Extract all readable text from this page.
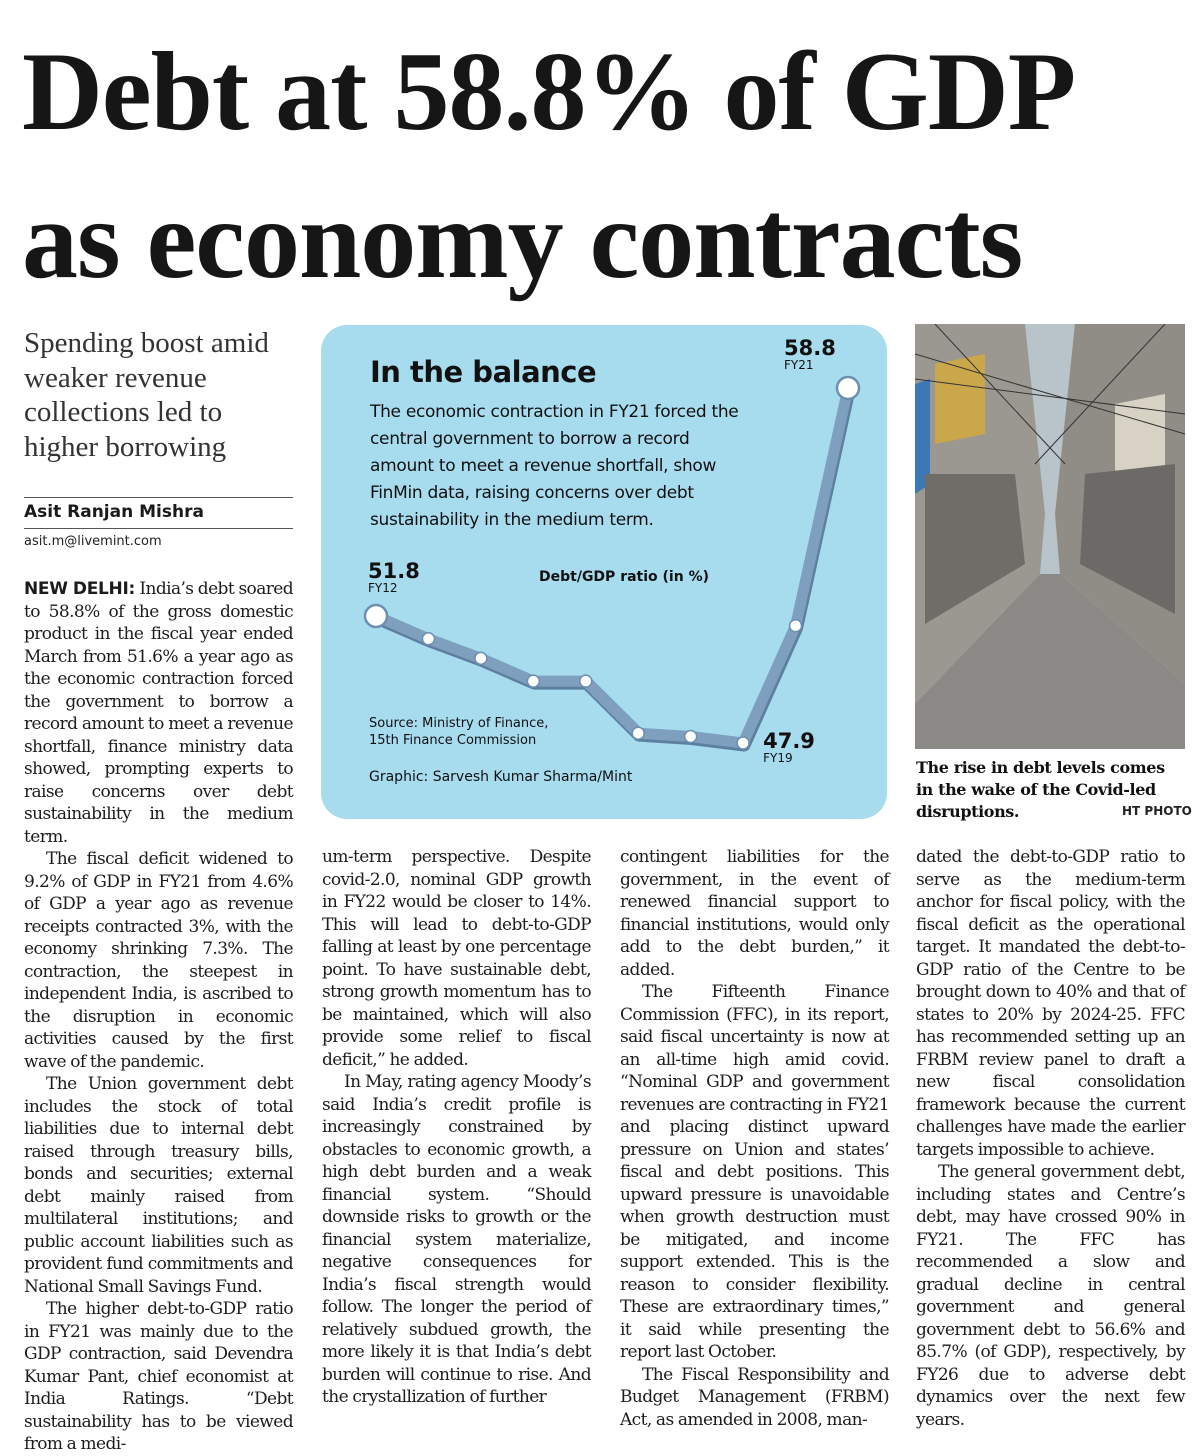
Debt at 58.8% of GDP
as economy contracts
Spending boost amid weaker revenue collections led to higher borrowing
Asit Ranjan Mishra
asit.m@livemint.com

NEW DELHI: India’s debt soared to 58.8% of the gross domestic product in the fiscal year ended March from 51.6% a year ago as the economic contraction forced the government to borrow a record amount to meet a revenue shortfall, finance ministry data showed, prompting experts to raise concerns over debt sustainability in the medium term.

The fiscal deficit widened to 9.2% of GDP in FY21 from 4.6% of GDP a year ago as revenue receipts contracted 3%, with the economy shrinking 7.3%. The contraction, the steepest in independent India, is ascribed to the disruption in economic activities caused by the first wave of the pandemic.

The Union government debt includes the stock of total liabilities due to internal debt raised through treasury bills, bonds and securities; external debt mainly raised from multilateral institutions; and public account liabilities such as provident fund commitments and National Small Savings Fund.

The higher debt-to-GDP ratio in FY21 was mainly due to the GDP contraction, said Devendra Kumar Pant, chief economist at India Ratings. “Debt sustainability has to be viewed from a medi-

um-term perspective. Despite covid-2.0, nominal GDP growth in FY22 would be closer to 14%. This will lead to debt-to-GDP falling at least by one percentage point. To have sustainable debt, strong growth momentum has to be maintained, which will also provide some relief to fiscal deficit,” he added.

In May, rating agency Moody’s said India’s credit profile is increasingly constrained by obstacles to economic growth, a high debt burden and a weak financial system. “Should downside risks to growth or the financial system materialize, negative consequences for India’s fiscal strength would follow. The longer the period of relatively subdued growth, the more likely it is that India’s debt burden will continue to rise. And the crystallization of further

contingent liabilities for the government, in the event of renewed financial support to financial institutions, would only add to the debt burden,” it added.

The Fifteenth Finance Commission (FFC), in its report, said fiscal uncertainty is now at an all-time high amid covid. “Nominal GDP and government revenues are contracting in FY21 and placing distinct upward pressure on Union and states’ fiscal and debt positions. This upward pressure is unavoidable when growth destruction must be mitigated, and income support extended. This is the reason to consider flexibility. These are extraordinary times,” it said while presenting the report last October.

The Fiscal Responsibility and Budget Management (FRBM) Act, as amended in 2008, man-

dated the debt-to-GDP ratio to serve as the medium-term anchor for fiscal policy, with the fiscal deficit as the operational target. It mandated the debt-to-GDP ratio of the Centre to be brought down to 40% and that of states to 20% by 2024-25. FFC has recommended setting up an FRBM review panel to draft a new fiscal consolidation framework because the current challenges have made the earlier targets impossible to achieve.

The general government debt, including states and Centre’s debt, may have crossed 90% in FY21. The FFC has recommended a slow and gradual decline in central government and general government debt to 56.6% and 85.7% (of GDP), respectively, by FY26 due to adverse debt dynamics over the next few years.

In the balance
The economic contraction in FY21 forced the central government to borrow a record amount to meet a revenue shortfall, show FinMin data, raising concerns over debt sustainability in the medium term.
Debt/GDP ratio (in %)
51.8
FY12
47.9
FY19
58.8
FY21
Source: Ministry of Finance,
15th Finance Commission
Graphic: Sarvesh Kumar Sharma/Mint	The rise in debt levels comes in the wake of the Covid-led disruptions.	HT PHOTO
